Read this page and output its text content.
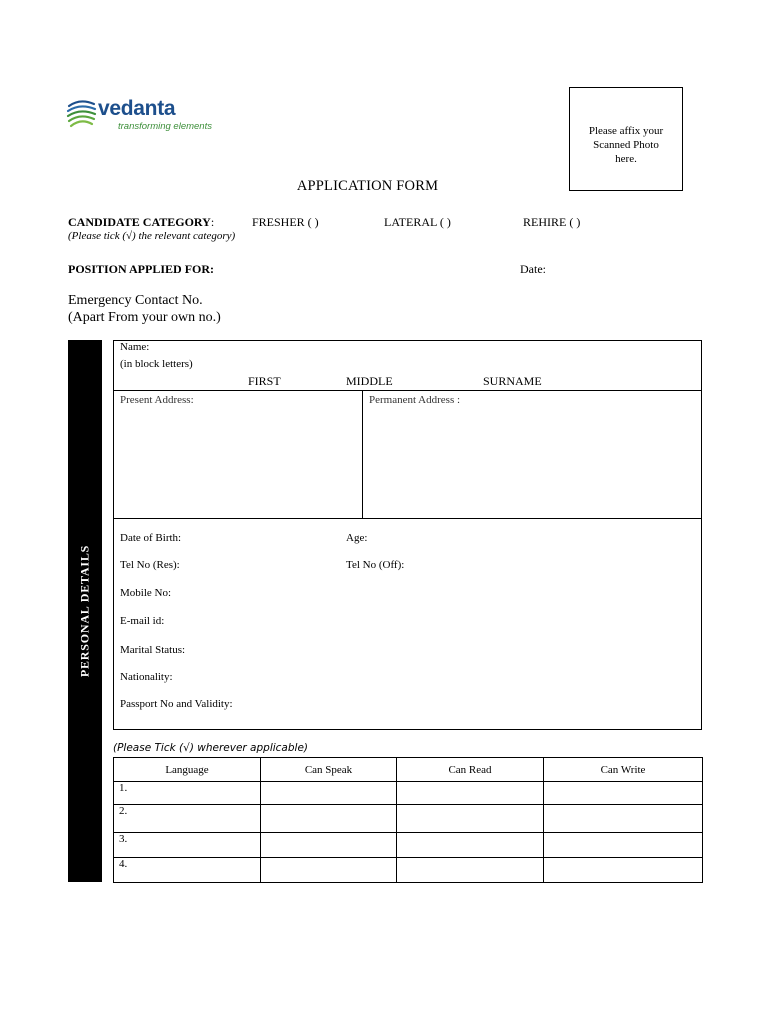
vedanta
transforming elements	Please affix your
Scanned Photo
here.
APPLICATION FORM
CANDIDATE CATEGORY:	FRESHER ( )	LATERAL ( )	REHIRE ( )
(Please tick (√) the relevant category)
POSITION APPLIED FOR:	Date:
Emergency Contact No.
(Apart From your own no.)
PERSONAL DETAILS
Name:
(in block letters)
FIRST	MIDDLE	SURNAME
Present Address:	Permanent Address :
Date of Birth:	Age:
Tel No (Res):	Tel No (Off):
Mobile No:
E-mail id:
Marital Status:
Nationality:
Passport No and Validity:
(Please Tick (√) wherever applicable)
Language	Can Speak	Can Read	Can Write
1.			
2.			
3.			
4.			
